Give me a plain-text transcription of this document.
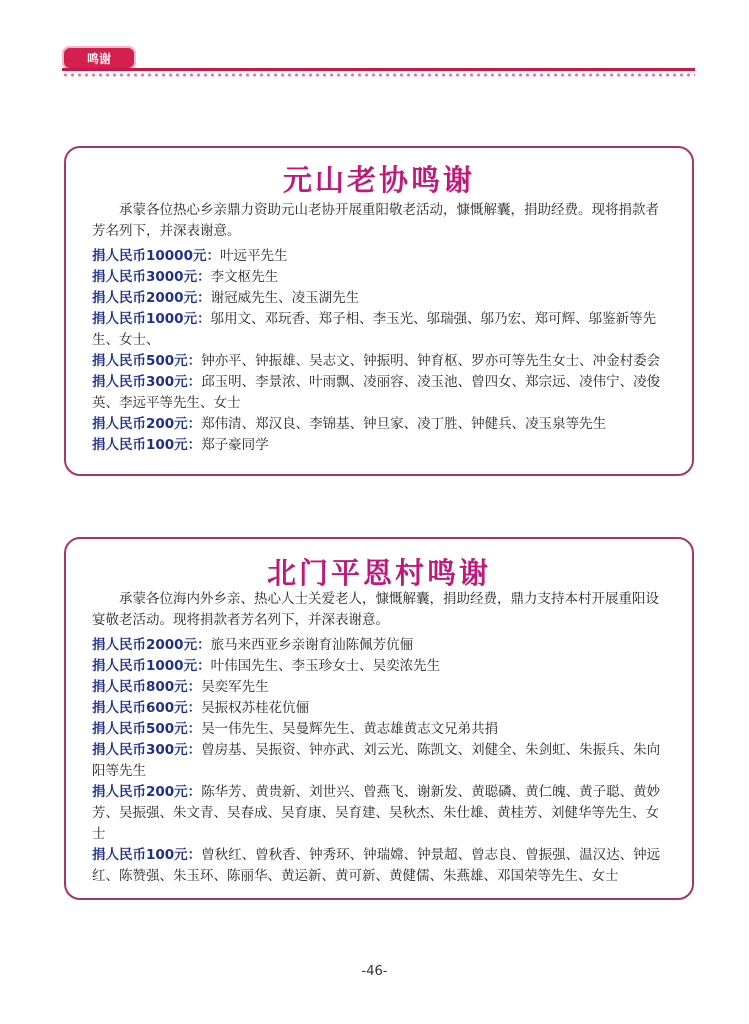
鸣谢
元山老协鸣谢
承蒙各位热心乡亲鼎力资助元山老协开展重阳敬老活动，慷慨解囊，捐助经费。现将捐款者芳名列下，并深表谢意。
捐人民币10000元：叶远平先生
捐人民币3000元：李文枢先生
捐人民币2000元：谢冠威先生、凌玉湖先生
捐人民币1000元：邬用文、邓玩香、郑子相、李玉光、邬瑞强、邬乃宏、郑可辉、邬鉴新等先生、女士、
捐人民币500元：钟亦平、钟振雄、吴志文、钟振明、钟育枢、罗亦可等先生女士、冲金村委会
捐人民币300元：邱玉明、李景浓、叶雨飘、凌丽容、凌玉池、曾四女、郑宗远、凌伟宁、凌俊英、李远平等先生、女士
捐人民币200元：郑伟清、郑汉良、李锦基、钟旦家、凌丁胜、钟健兵、凌玉泉等先生
捐人民币100元：郑子豪同学
北门平恩村鸣谢
承蒙各位海内外乡亲、热心人士关爱老人，慷慨解囊，捐助经费，鼎力支持本村开展重阳设宴敬老活动。现将捐款者芳名列下，并深表谢意。
捐人民币2000元：旅马来西亚乡亲谢育汕陈佩芳伉俪
捐人民币1000元：叶伟国先生、李玉珍女士、吴奕浓先生
捐人民币800元：吴奕军先生
捐人民币600元：吴振权苏桂花伉俪
捐人民币500元：吴一伟先生、吴曼辉先生、黄志雄黄志文兄弟共捐
捐人民币300元：曾房基、吴振资、钟亦武、刘云光、陈凯文、刘健全、朱剑虹、朱振兵、朱向阳等先生
捐人民币200元：陈华芳、黄贵新、刘世兴、曾燕飞、谢新发、黄聪磷、黄仁魄、黄子聪、黄妙芳、吴振强、朱文青、吴春成、吴育康、吴育建、吴秋杰、朱仕雄、黄桂芳、刘健华等先生、女士
捐人民币100元：曾秋红、曾秋香、钟秀环、钟瑞嫦、钟景超、曾志良、曾振强、温汉达、钟远红、陈赞强、朱玉环、陈丽华、黄运新、黄可新、黄健儒、朱燕雄、邓国荣等先生、女士
-46-
